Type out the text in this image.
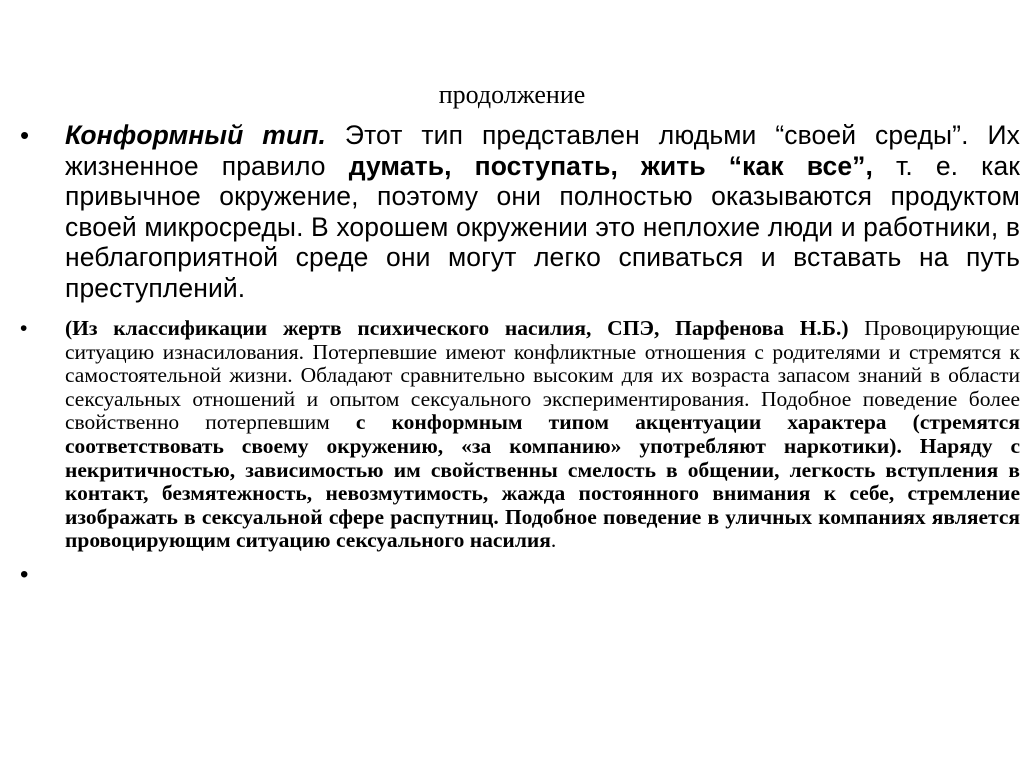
продолжение
•	Конформный тип. Этот тип представлен людьми “своей среды”. Их жизненное правило думать, поступать, жить “как все”, т. е. как привычное окружение, поэтому они полностью оказываются продуктом своей микросреды. В хорошем окружении это неплохие люди и работники, в неблагоприятной среде они могут легко спиваться и вставать на путь преступлений.
•	(Из классификации жертв психического насилия, СПЭ, Парфенова Н.Б.) Провоцирующие ситуацию изнасилования. Потерпевшие имеют конфликтные отношения с родителями и стремятся к самостоятельной жизни. Обладают сравнительно высоким для их возраста запасом знаний в области сексуальных отношений и опытом сексуального экспериментирования. Подобное поведение более свойственно потерпевшим с конформным типом акцентуации характера (стремятся соответствовать своему окружению, «за компанию» употребляют наркотики). Наряду с некритичностью, зависимостью им свойственны смелость в общении, легкость вступления в контакт, безмятежность, невозмутимость, жажда постоянного внимания к себе, стремление изображать в сексуальной сфере распутниц. Подобное поведение в уличных компаниях является провоцирующим ситуацию сексуального насилия.
•
